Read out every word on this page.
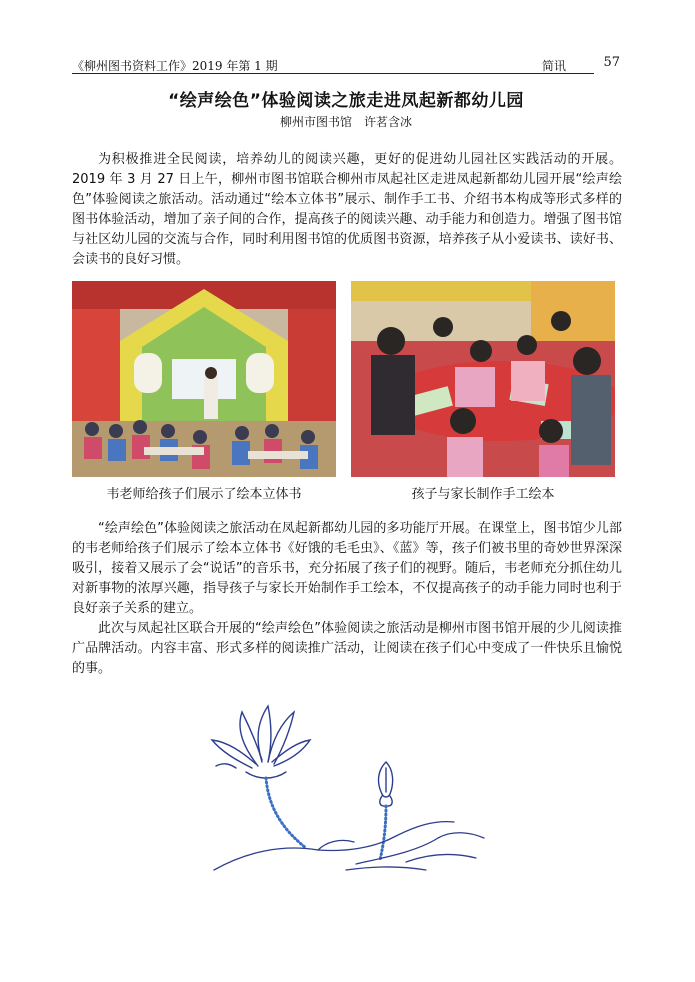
《柳州图书资料工作》2019 年第 1 期	简讯	57
“绘声绘色”体验阅读之旅走进凤起新都幼儿园
柳州市图书馆　许茗含冰

为积极推进全民阅读，培养幼儿的阅读兴趣，更好的促进幼儿园社区实践活动的开展。2019 年 3 月 27 日上午，柳州市图书馆联合柳州市凤起社区走进凤起新都幼儿园开展“绘声绘色”体验阅读之旅活动。活动通过“绘本立体书”展示、制作手工书、介绍书本构成等形式多样的图书体验活动，增加了亲子间的合作，提高孩子的阅读兴趣、动手能力和创造力。增强了图书馆与社区幼儿园的交流与合作，同时利用图书馆的优质图书资源，培养孩子从小爱读书、读好书、会读书的良好习惯。

韦老师给孩子们展示了绘本立体书	孩子与家长制作手工绘本

“绘声绘色”体验阅读之旅活动在凤起新都幼儿园的多功能厅开展。在课堂上，图书馆少儿部的韦老师给孩子们展示了绘本立体书《好饿的毛毛虫》、《蓝》等，孩子们被书里的奇妙世界深深吸引，接着又展示了会“说话”的音乐书，充分拓展了孩子们的视野。随后，韦老师充分抓住幼儿对新事物的浓厚兴趣，指导孩子与家长开始制作手工绘本，不仅提高孩子的动手能力同时也利于良好亲子关系的建立。

此次与凤起社区联合开展的“绘声绘色”体验阅读之旅活动是柳州市图书馆开展的少儿阅读推广品牌活动。内容丰富、形式多样的阅读推广活动，让阅读在孩子们心中变成了一件快乐且愉悦的事。
